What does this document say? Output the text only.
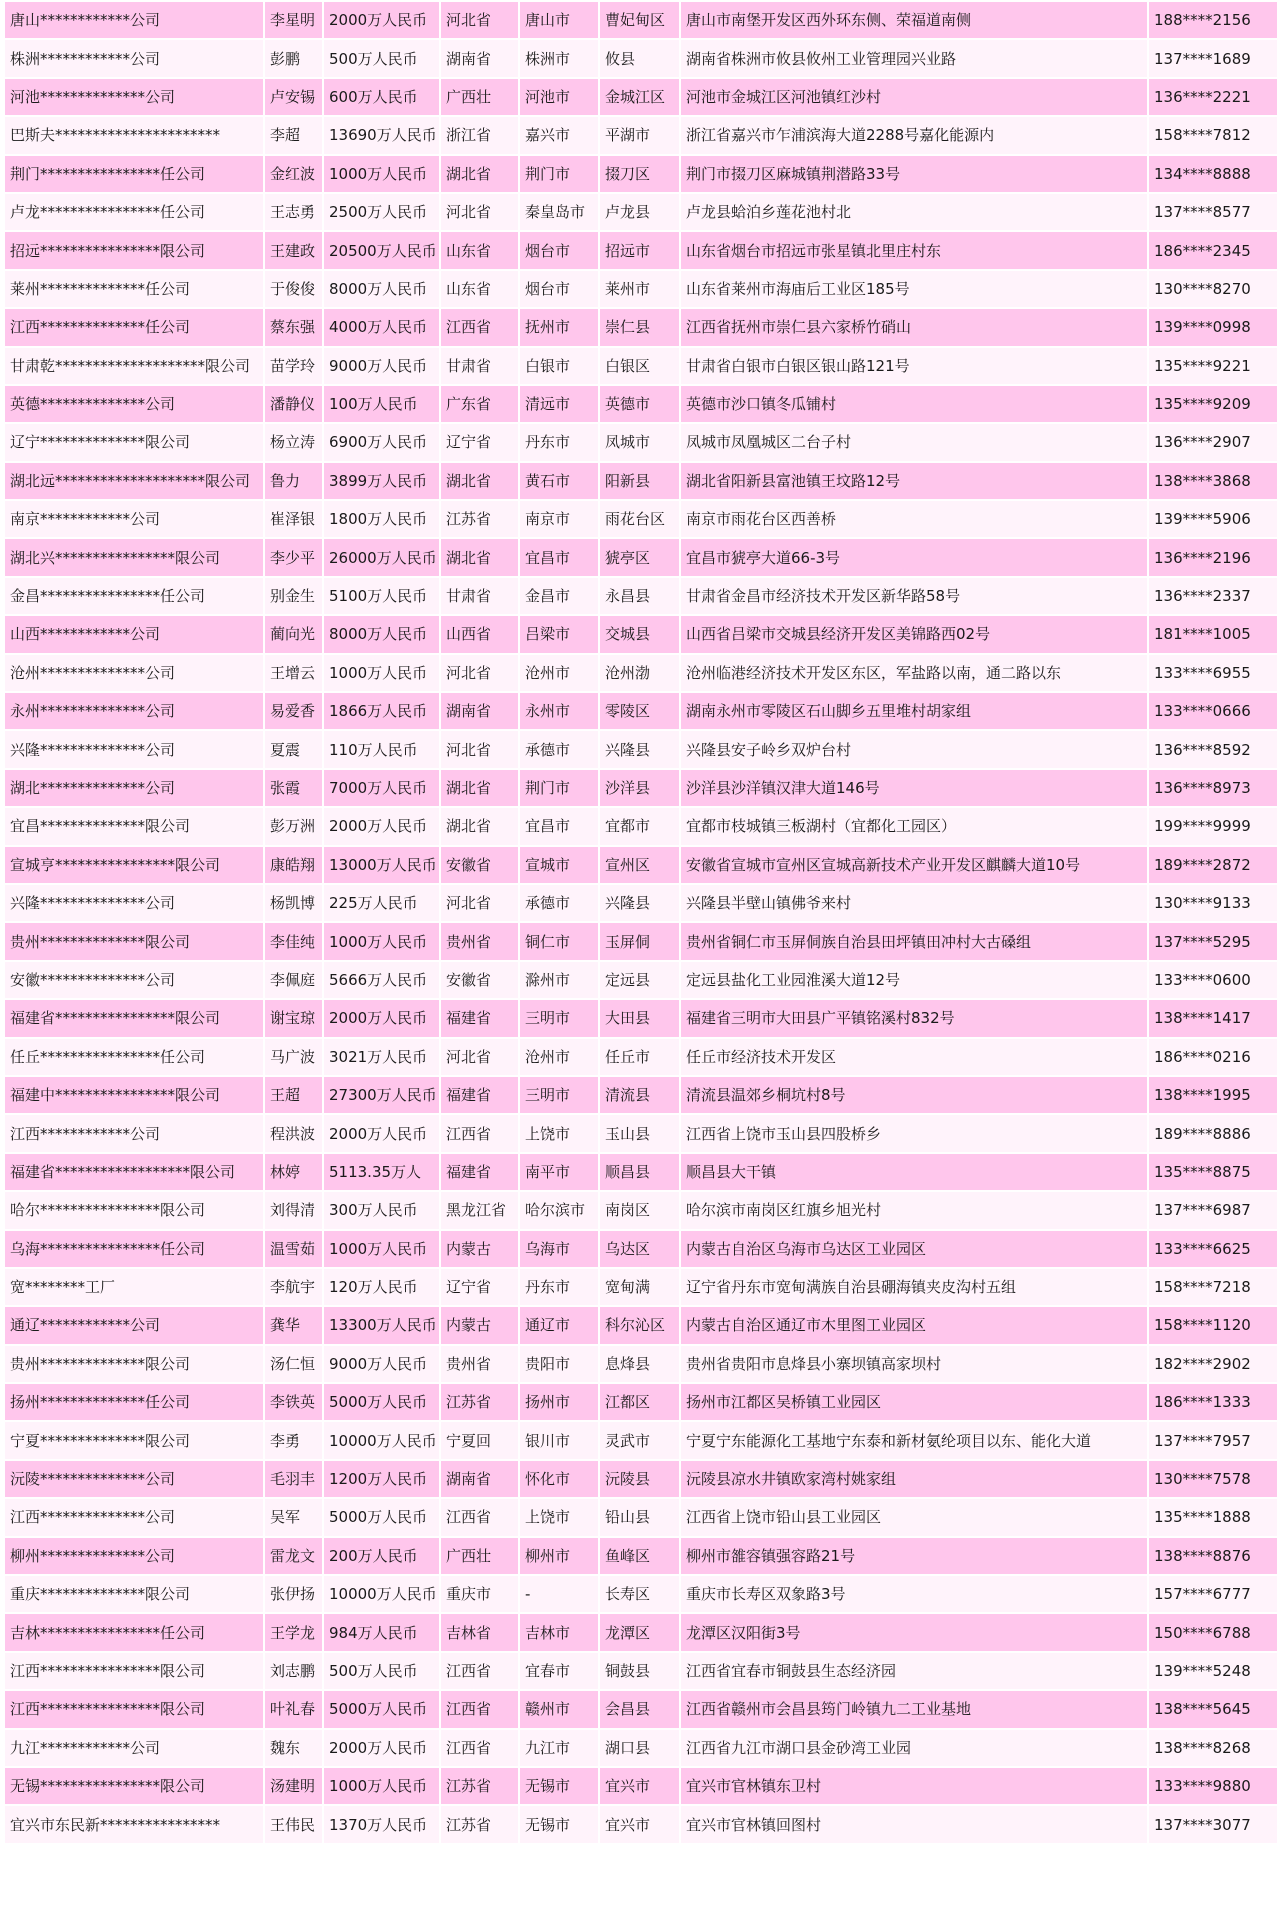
唐山************公司	李星明	2000万人民币	河北省	唐山市	曹妃甸区	唐山市南堡开发区西外环东侧、荣福道南侧	188****2156
株洲************公司	彭鹏	500万人民币	湖南省	株洲市	攸县	湖南省株洲市攸县攸州工业管理园兴业路	137****1689
河池**************公司	卢安锡	600万人民币	广西壮	河池市	金城江区	河池市金城江区河池镇红沙村	136****2221
巴斯夫**********************	李超	13690万人民币	浙江省	嘉兴市	平湖市	浙江省嘉兴市乍浦滨海大道2288号嘉化能源内	158****7812
荆门****************任公司	金红波	1000万人民币	湖北省	荆门市	掇刀区	荆门市掇刀区麻城镇荆潜路33号	134****8888
卢龙****************任公司	王志勇	2500万人民币	河北省	秦皇岛市	卢龙县	卢龙县蛤泊乡莲花池村北	137****8577
招远****************限公司	王建政	20500万人民币	山东省	烟台市	招远市	山东省烟台市招远市张星镇北里庄村东	186****2345
莱州**************任公司	于俊俊	8000万人民币	山东省	烟台市	莱州市	山东省莱州市海庙后工业区185号	130****8270
江西**************任公司	蔡东强	4000万人民币	江西省	抚州市	崇仁县	江西省抚州市崇仁县六家桥竹硝山	139****0998
甘肃乾********************限公司	苗学玲	9000万人民币	甘肃省	白银市	白银区	甘肃省白银市白银区银山路121号	135****9221
英德**************公司	潘静仪	100万人民币	广东省	清远市	英德市	英德市沙口镇冬瓜铺村	135****9209
辽宁**************限公司	杨立涛	6900万人民币	辽宁省	丹东市	凤城市	凤城市凤凰城区二台子村	136****2907
湖北远********************限公司	鲁力	3899万人民币	湖北省	黄石市	阳新县	湖北省阳新县富池镇王坟路12号	138****3868
南京************公司	崔泽银	1800万人民币	江苏省	南京市	雨花台区	南京市雨花台区西善桥	139****5906
湖北兴****************限公司	李少平	26000万人民币	湖北省	宜昌市	猇亭区	宜昌市猇亭大道66-3号	136****2196
金昌****************任公司	别金生	5100万人民币	甘肃省	金昌市	永昌县	甘肃省金昌市经济技术开发区新华路58号	136****2337
山西************公司	蔺向光	8000万人民币	山西省	吕梁市	交城县	山西省吕梁市交城县经济开发区美锦路西02号	181****1005
沧州**************公司	王增云	1000万人民币	河北省	沧州市	沧州渤	沧州临港经济技术开发区东区，军盐路以南，通二路以东	133****6955
永州**************公司	易爱香	1866万人民币	湖南省	永州市	零陵区	湖南永州市零陵区石山脚乡五里堆村胡家组	133****0666
兴隆**************公司	夏震	110万人民币	河北省	承德市	兴隆县	兴隆县安子岭乡双炉台村	136****8592
湖北**************公司	张霞	7000万人民币	湖北省	荆门市	沙洋县	沙洋县沙洋镇汉津大道146号	136****8973
宜昌**************限公司	彭万洲	2000万人民币	湖北省	宜昌市	宜都市	宜都市枝城镇三板湖村（宜都化工园区）	199****9999
宣城亨****************限公司	康皓翔	13000万人民币	安徽省	宣城市	宣州区	安徽省宣城市宣州区宣城高新技术产业开发区麒麟大道10号	189****2872
兴隆**************公司	杨凯博	225万人民币	河北省	承德市	兴隆县	兴隆县半壁山镇佛爷来村	130****9133
贵州**************限公司	李佳纯	1000万人民币	贵州省	铜仁市	玉屏侗	贵州省铜仁市玉屏侗族自治县田坪镇田冲村大古磉组	137****5295
安徽**************公司	李佩庭	5666万人民币	安徽省	滁州市	定远县	定远县盐化工业园淮溪大道12号	133****0600
福建省****************限公司	谢宝琼	2000万人民币	福建省	三明市	大田县	福建省三明市大田县广平镇铭溪村832号	138****1417
任丘****************任公司	马广波	3021万人民币	河北省	沧州市	任丘市	任丘市经济技术开发区	186****0216
福建中****************限公司	王超	27300万人民币	福建省	三明市	清流县	清流县温郊乡桐坑村8号	138****1995
江西************公司	程洪波	2000万人民币	江西省	上饶市	玉山县	江西省上饶市玉山县四股桥乡	189****8886
福建省******************限公司	林婷	5113.35万人	福建省	南平市	顺昌县	顺昌县大干镇	135****8875
哈尔****************限公司	刘得清	300万人民币	黑龙江省	哈尔滨市	南岗区	哈尔滨市南岗区红旗乡旭光村	137****6987
乌海****************任公司	温雪茹	1000万人民币	内蒙古	乌海市	乌达区	内蒙古自治区乌海市乌达区工业园区	133****6625
宽********工厂	李航宇	120万人民币	辽宁省	丹东市	宽甸满	辽宁省丹东市宽甸满族自治县硼海镇夹皮沟村五组	158****7218
通辽************公司	龚华	13300万人民币	内蒙古	通辽市	科尔沁区	内蒙古自治区通辽市木里图工业园区	158****1120
贵州**************限公司	汤仁恒	9000万人民币	贵州省	贵阳市	息烽县	贵州省贵阳市息烽县小寨坝镇高家坝村	182****2902
扬州**************任公司	李铁英	5000万人民币	江苏省	扬州市	江都区	扬州市江都区吴桥镇工业园区	186****1333
宁夏**************限公司	李勇	10000万人民币	宁夏回	银川市	灵武市	宁夏宁东能源化工基地宁东泰和新材氨纶项目以东、能化大道	137****7957
沅陵**************公司	毛羽丰	1200万人民币	湖南省	怀化市	沅陵县	沅陵县凉水井镇欧家湾村姚家组	130****7578
江西**************公司	吴军	5000万人民币	江西省	上饶市	铅山县	江西省上饶市铅山县工业园区	135****1888
柳州**************公司	雷龙文	200万人民币	广西壮	柳州市	鱼峰区	柳州市雒容镇强容路21号	138****8876
重庆**************限公司	张伊扬	10000万人民币	重庆市	-	长寿区	重庆市长寿区双象路3号	157****6777
吉林****************任公司	王学龙	984万人民币	吉林省	吉林市	龙潭区	龙潭区汉阳街3号	150****6788
江西****************限公司	刘志鹏	500万人民币	江西省	宜春市	铜鼓县	江西省宜春市铜鼓县生态经济园	139****5248
江西****************限公司	叶礼春	5000万人民币	江西省	赣州市	会昌县	江西省赣州市会昌县筠门岭镇九二工业基地	138****5645
九江************公司	魏东	2000万人民币	江西省	九江市	湖口县	江西省九江市湖口县金砂湾工业园	138****8268
无锡****************限公司	汤建明	1000万人民币	江苏省	无锡市	宜兴市	宜兴市官林镇东卫村	133****9880
宜兴市东民新****************	王伟民	1370万人民币	江苏省	无锡市	宜兴市	宜兴市官林镇回图村	137****3077
